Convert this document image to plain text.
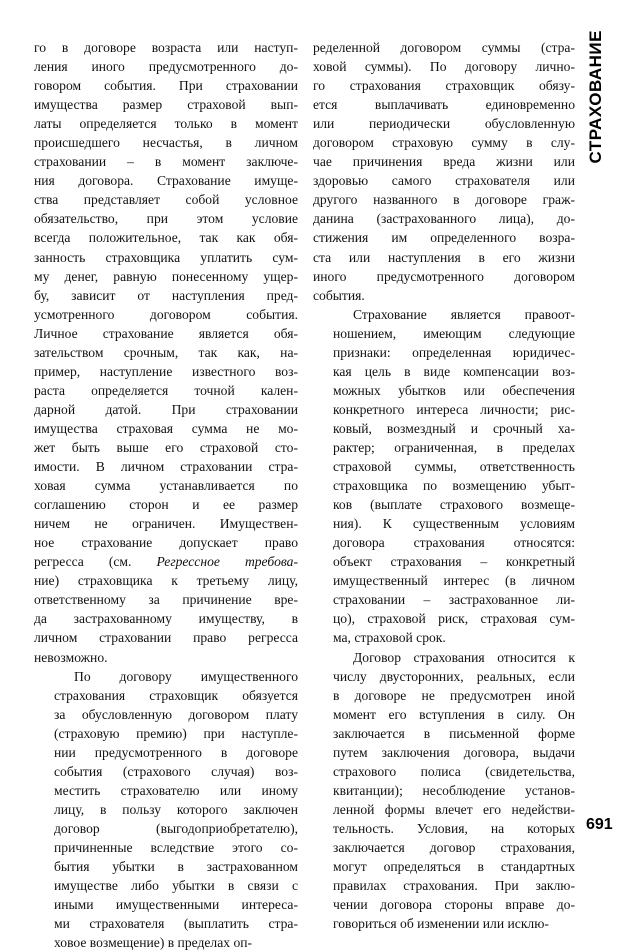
го в договоре возраста или наступ-
ления иного предусмотренного до-
говором события. При страховании
имущества размер страховой вып-
латы определяется только в момент
происшедшего несчастья, в личном
страховании – в момент заключе-
ния договора. Страхование имуще-
ства представляет собой условное
обязательство, при этом условие
всегда положительное, так как обя-
занность страховщика уплатить сум-
му денег, равную понесенному ущер-
бу, зависит от наступления пред-
усмотренного договором события.
Личное страхование является обя-
зательством срочным, так как, на-
пример, наступление известного воз-
раста определяется точной кален-
дарной датой. При страховании
имущества страховая сумма не мо-
жет быть выше его страховой сто-
имости. В личном страховании стра-
ховая сумма устанавливается по
соглашению сторон и ее размер
ничем не ограничен. Имуществен-
ное страхование допускает право
регресса (см. Регрессное требова-
ние) страховщика к третьему лицу,
ответственному за причинение вре-
да застрахованному имуществу, в
личном страховании право регресса
невозможно.

По договору имущественного
страхования страховщик обязуется
за обусловленную договором плату
(страховую премию) при наступле-
нии предусмотренного в договоре
события (страхового случая) воз-
местить страхователю или иному
лицу, в пользу которого заключен
договор (выгодоприобретателю),
причиненные вследствие этого со-
бытия убытки в застрахованном
имуществе либо убытки в связи с
иными имущественными интереса-
ми страхователя (выплатить стра-
ховое возмещение) в пределах оп-

ределенной договором суммы (стра-
ховой суммы). По договору лично-
го страхования страховщик обязу-
ется выплачивать единовременно
или периодически обусловленную
договором страховую сумму в слу-
чае причинения вреда жизни или
здоровью самого страхователя или
другого названного в договоре граж-
данина (застрахованного лица), до-
стижения им определенного возра-
ста или наступления в его жизни
иного предусмотренного договором
события.

Страхование является правоот-
ношением, имеющим следующие
признаки: определенная юридичес-
кая цель в виде компенсации воз-
можных убытков или обеспечения
конкретного интереса личности; рис-
ковый, возмездный и срочный ха-
рактер; ограниченная, в пределах
страховой суммы, ответственность
страховщика по возмещению убыт-
ков (выплате страхового возмеще-
ния). К существенным условиям
договора страхования относятся:
объект страхования – конкретный
имущественный интерес (в личном
страховании – застрахованное ли-
цо), страховой риск, страховая сум-
ма, страховой срок.

Договор страхования относится к
числу двусторонних, реальных, если
в договоре не предусмотрен иной
момент его вступления в силу. Он
заключается в письменной форме
путем заключения договора, выдачи
страхового полиса (свидетельства,
квитанции); несоблюдение установ-
ленной формы влечет его недействи-
тельность. Условия, на которых
заключается договор страхования,
могут определяться в стандартных
правилах страхования. При заклю-
чении договора стороны вправе до-
говориться об изменении или исклю-

СТРАХОВАНИЕ
691
